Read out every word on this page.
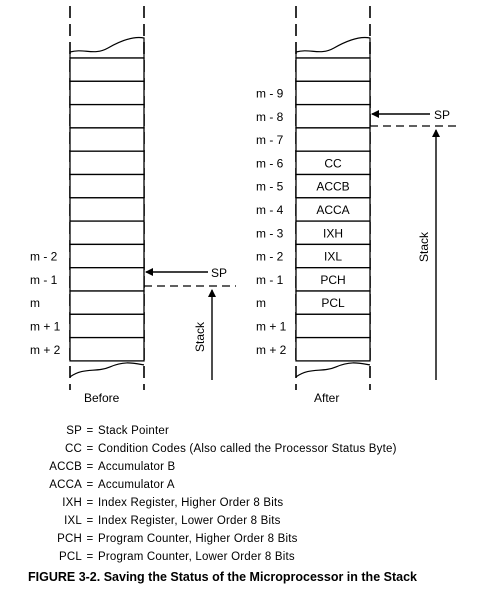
m - 2
m - 1
m
m + 1
m + 2
SP
Stack
Before
CC
ACCB
ACCA
IXH
IXL
PCH
PCL
m - 9
m - 8
m - 7
m - 6
m - 5
m - 4
m - 3
m - 2
m - 1
m
m + 1
m + 2
SP
Stack
After
SP = Stack Pointer
CC = Condition Codes (Also called the Processor Status Byte)
ACCB = Accumulator B
ACCA = Accumulator A
IXH = Index Register, Higher Order 8 Bits
IXL = Index Register, Lower Order 8 Bits
PCH = Program Counter, Higher Order 8 Bits
PCL = Program Counter, Lower Order 8 Bits
FIGURE 3-2. Saving the Status of the Microprocessor in the Stack
